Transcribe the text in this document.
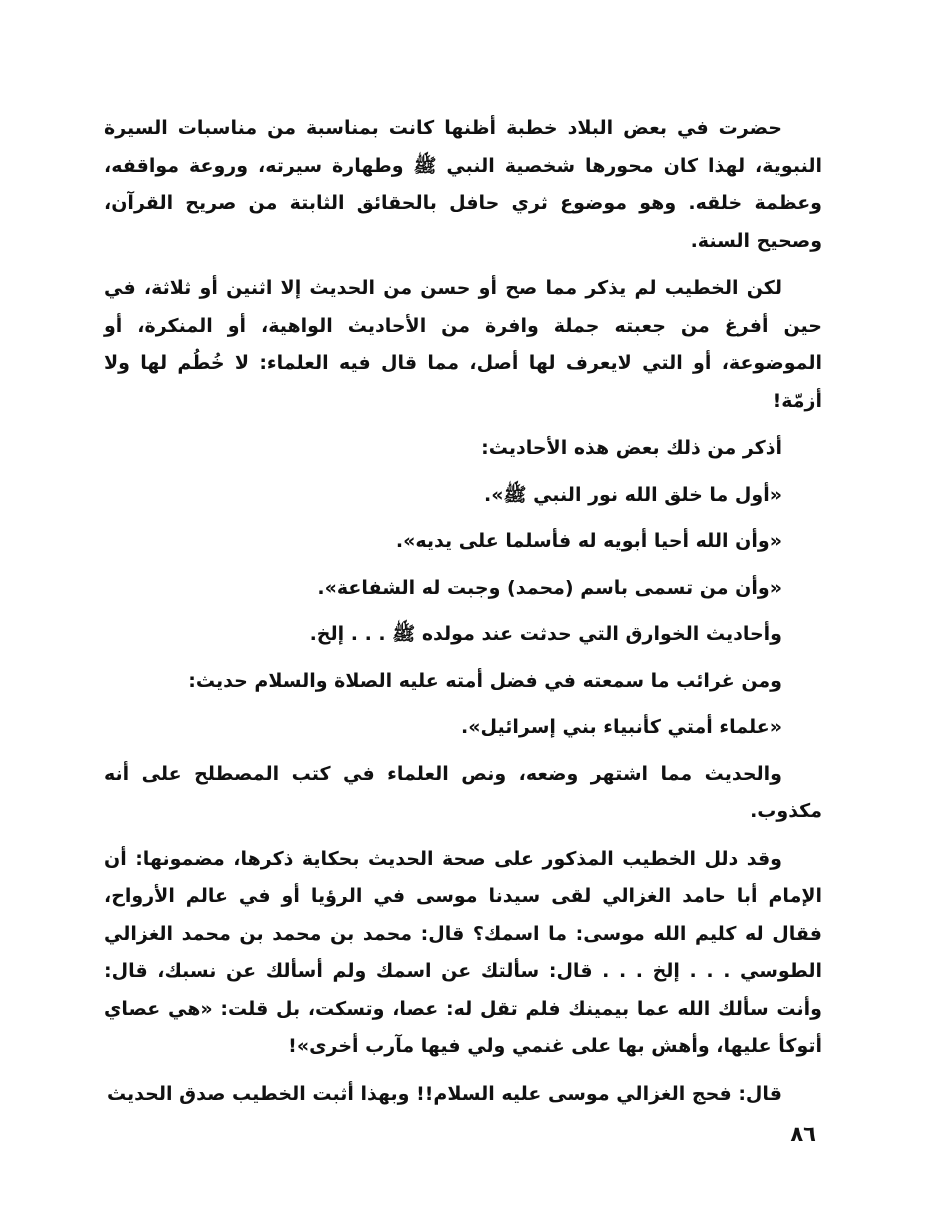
حضرت في بعض البلاد خطبة أظنها كانت بمناسبة من مناسبات السيرة النبوية، لهذا كان محورها شخصية النبي ﷺ وطهارة سيرته، وروعة مواقفه، وعظمة خلقه. وهو موضوع ثري حافل بالحقائق الثابتة من صريح القرآن، وصحيح السنة.

لكن الخطيب لم يذكر مما صح أو حسن من الحديث إلا اثنين أو ثلاثة، في حين أفرغ من جعبته جملة وافرة من الأحاديث الواهية، أو المنكرة، أو الموضوعة، أو التي لايعرف لها أصل، مما قال فيه العلماء: لا خُطُم لها ولا أزمّة!

أذكر من ذلك بعض هذه الأحاديث:

«أول ما خلق الله نور النبي ﷺ».

«وأن الله أحيا أبويه له فأسلما على يديه».

«وأن من تسمى باسم (محمد) وجبت له الشفاعة».

وأحاديث الخوارق التي حدثت عند مولده ﷺ . . . إلخ.

ومن غرائب ما سمعته في فضل أمته عليه الصلاة والسلام حديث:

«علماء أمتي كأنبياء بني إسرائيل».

والحديث مما اشتهر وضعه، ونص العلماء في كتب المصطلح على أنه مكذوب.

وقد دلل الخطيب المذكور على صحة الحديث بحكاية ذكرها، مضمونها: أن الإمام أبا حامد الغزالي لقى سيدنا موسى في الرؤيا أو في عالم الأرواح، فقال له كليم الله موسى: ما اسمك؟ قال: محمد بن محمد بن محمد الغزالي الطوسي . . . إلخ . . . قال: سألتك عن اسمك ولم أسألك عن نسبك، قال: وأنت سألك الله عما بيمينك فلم تقل له: عصا، وتسكت، بل قلت: «هي عصاي أتوكأ عليها، وأهش بها على غنمي ولي فيها مآرب أخرى»!

قال: فحج الغزالي موسى عليه السلام!! وبهذا أثبت الخطيب صدق الحديث

٨٦
